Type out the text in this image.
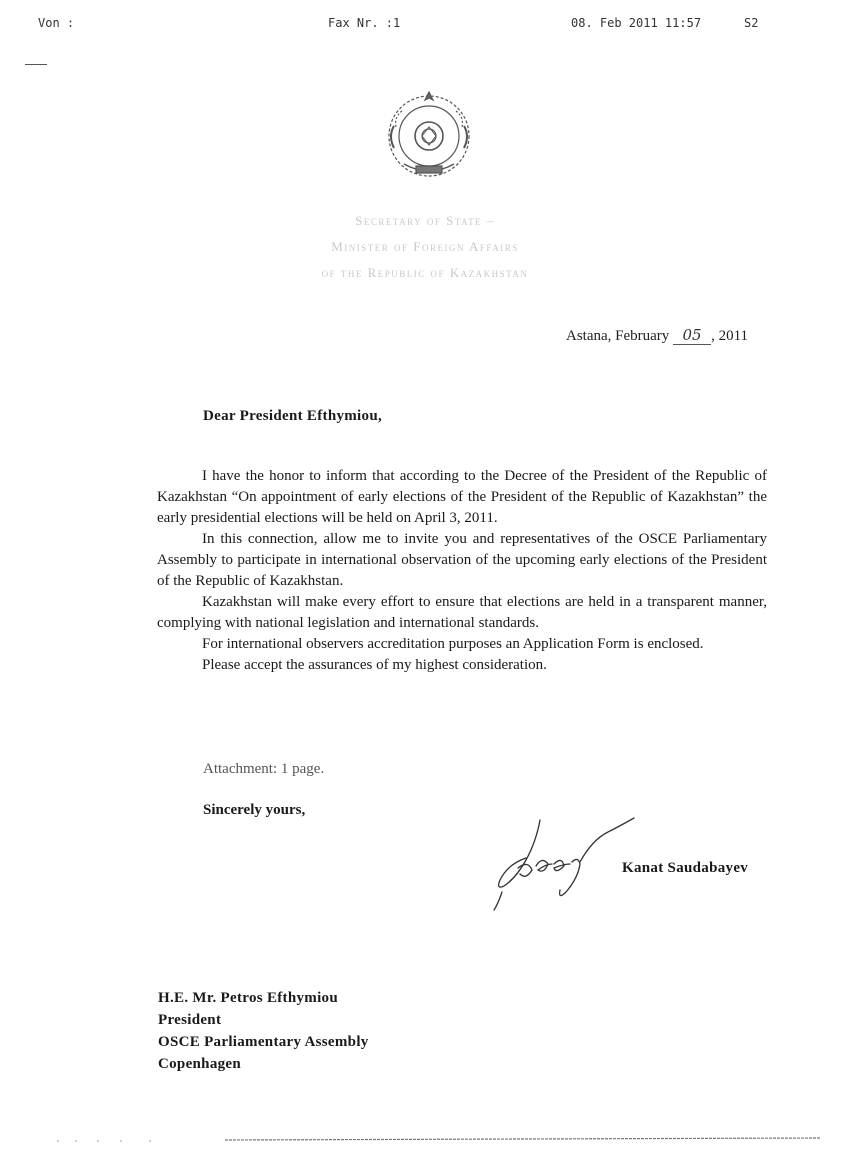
Von :	Fax Nr. :1	08. Feb 2011 11:57	S2
Secretary of State –
Minister of Foreign Affairs
of the Republic of Kazakhstan
Astana, February 05 , 2011
Dear President Efthymiou,

I have the honor to inform that according to the Decree of the President of the Republic of Kazakhstan “On appointment of early elections of the President of the Republic of Kazakhstan” the early presidential elections will be held on April 3, 2011.

In this connection, allow me to invite you and representatives of the OSCE Parliamentary Assembly to participate in international observation of the upcoming early elections of the President of the Republic of Kazakhstan.

Kazakhstan will make every effort to ensure that elections are held in a transparent manner, complying with national legislation and international standards.

For international observers accreditation purposes an Application Form is enclosed.

Please accept the assurances of my highest consideration.

Attachment: 1 page.
Sincerely yours,
Kanat Saudabayev
H.E. Mr. Petros Efthymiou
President
OSCE Parliamentary Assembly
Copenhagen
